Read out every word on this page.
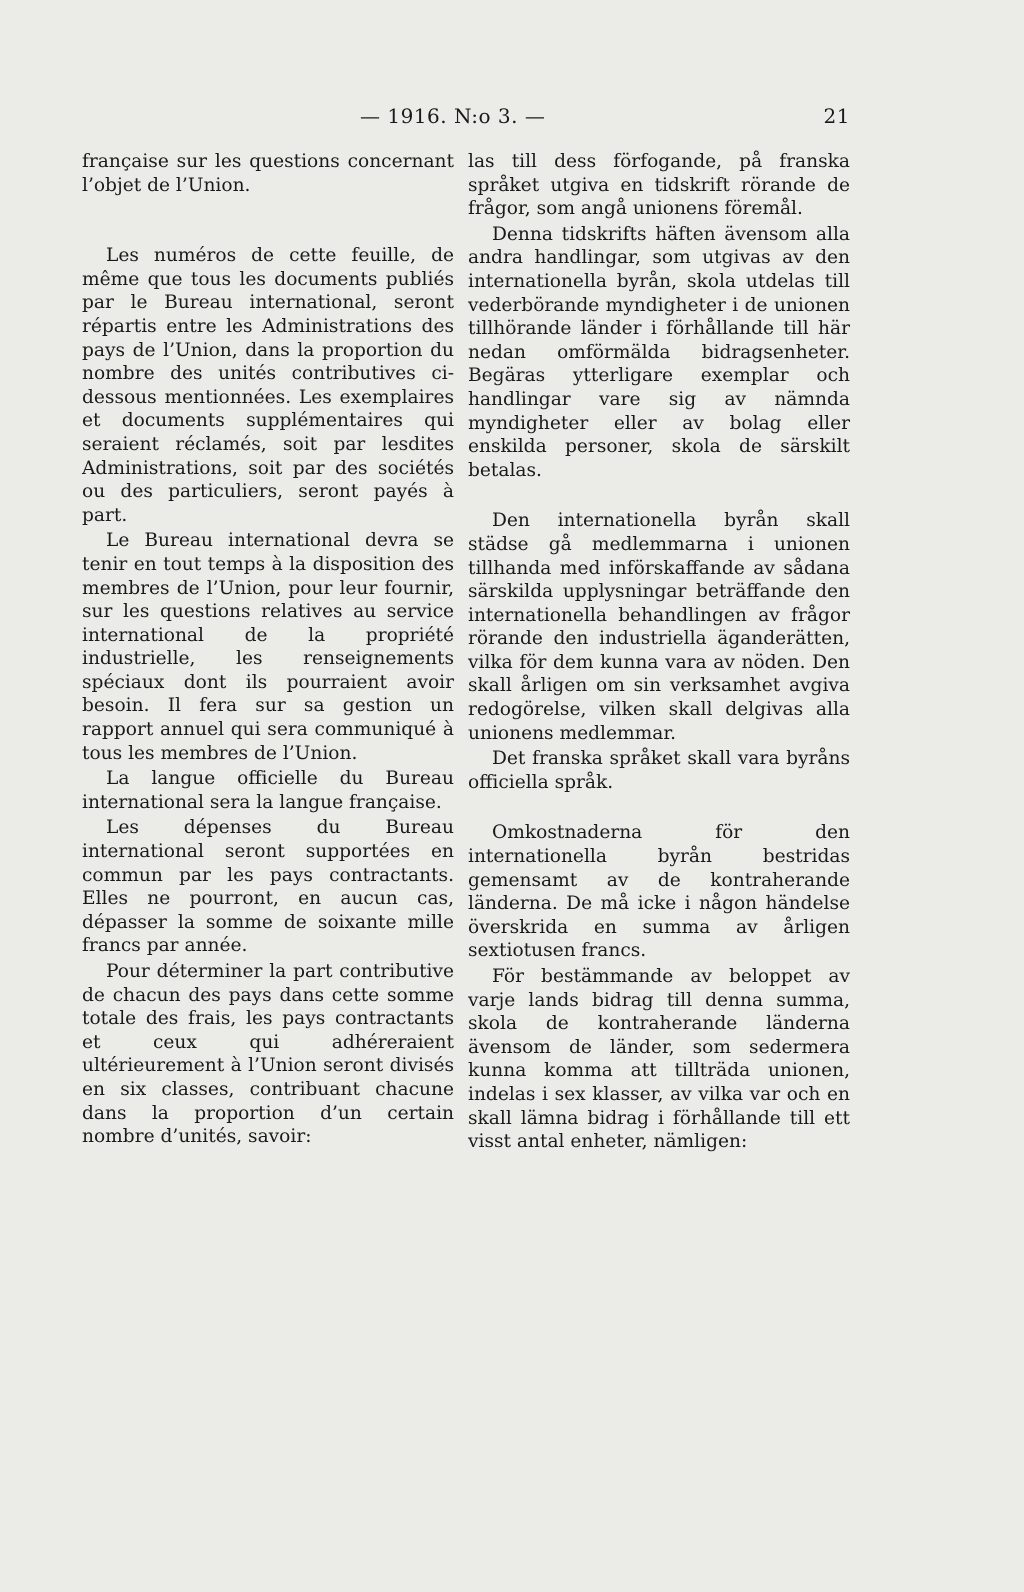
— 1916. N:o 3. —	21

française sur les questions concernant l’objet de l’Union.

Les numéros de cette feuille, de même que tous les documents publiés par le Bureau international, seront répartis entre les Administrations des pays de l’Union, dans la proportion du nombre des unités contributives ci-dessous mentionnées. Les exemplaires et documents supplémentaires qui seraient réclamés, soit par lesdites Administrations, soit par des sociétés ou des particuliers, seront payés à part.

Le Bureau international devra se tenir en tout temps à la disposition des membres de l’Union, pour leur fournir, sur les questions relatives au service international de la propriété industrielle, les renseignements spéciaux dont ils pourraient avoir besoin. Il fera sur sa gestion un rapport annuel qui sera communiqué à tous les membres de l’Union.

La langue officielle du Bureau international sera la langue française.

Les dépenses du Bureau international seront supportées en commun par les pays contractants. Elles ne pourront, en aucun cas, dépasser la somme de soixante mille francs par année.

Pour déterminer la part contributive de chacun des pays dans cette somme totale des frais, les pays contractants et ceux qui adhéreraient ultérieurement à l’Union seront divisés en six classes, contribuant chacune dans la proportion d’un certain nombre d’unités, savoir:

las till dess förfogande, på franska språket utgiva en tidskrift rörande de frågor, som angå unionens föremål.

Denna tidskrifts häften ävensom alla andra handlingar, som utgivas av den internationella byrån, skola utdelas till vederbörande myndigheter i de unionen tillhörande länder i förhållande till här nedan omförmälda bidragsenheter. Begäras ytterligare exemplar och handlingar vare sig av nämnda myndigheter eller av bolag eller enskilda personer, skola de särskilt betalas.

Den internationella byrån skall städse gå medlemmarna i unionen tillhanda med införskaffande av sådana särskilda upplysningar beträffande den internationella behandlingen av frågor rörande den industriella äganderätten, vilka för dem kunna vara av nöden. Den skall årligen om sin verksamhet avgiva redogörelse, vilken skall delgivas alla unionens medlemmar.

Det franska språket skall vara byråns officiella språk.

Omkostnaderna för den internationella byrån bestridas gemensamt av de kontraherande länderna. De må icke i någon händelse överskrida en summa av årligen sextiotusen francs.

För bestämmande av beloppet av varje lands bidrag till denna summa, skola de kontraherande länderna ävensom de länder, som sedermera kunna komma att tillträda unionen, indelas i sex klasser, av vilka var och en skall lämna bidrag i förhållande till ett visst antal enheter, nämligen:
